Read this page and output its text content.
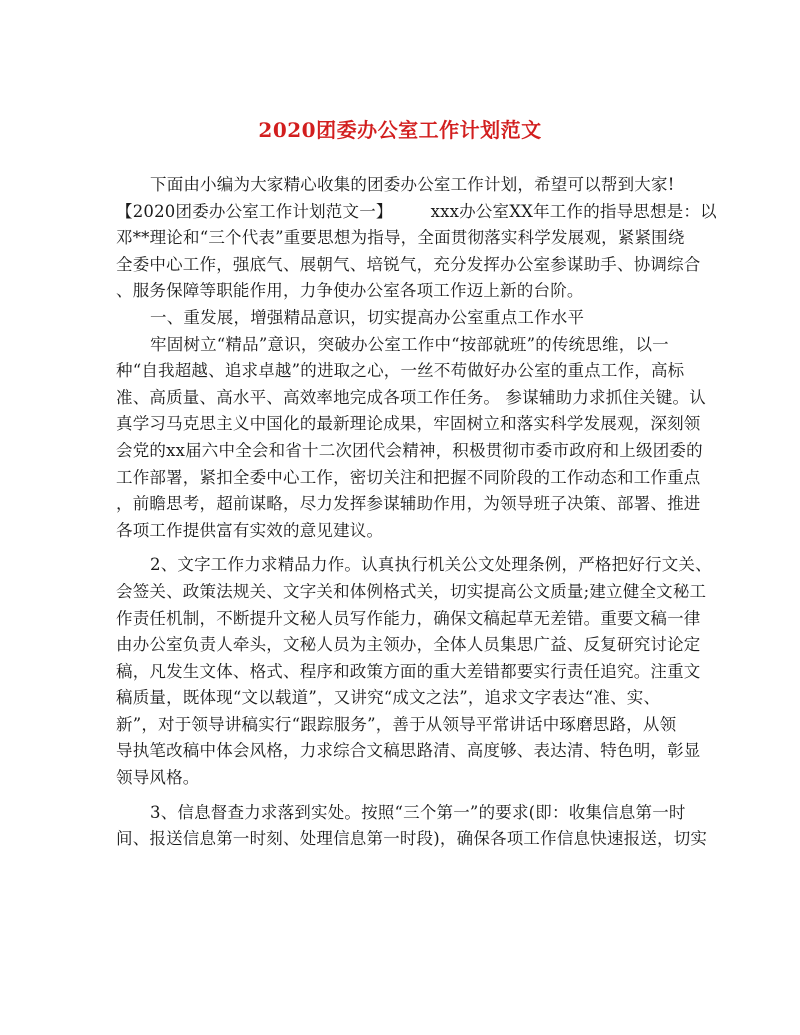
2020团委办公室工作计划范文
下面由小编为大家精心收集的团委办公室工作计划，希望可以帮到大家!
【2020团委办公室工作计划范文一】 xxx办公室XX年工作的指导思想是：以
邓**理论和“三个代表”重要思想为指导，全面贯彻落实科学发展观，紧紧围绕
全委中心工作，强底气、展朝气、培锐气，充分发挥办公室参谋助手、协调综合
、服务保障等职能作用，力争使办公室各项工作迈上新的台阶。
一、重发展，增强精品意识，切实提高办公室重点工作水平
牢固树立“精品”意识，突破办公室工作中“按部就班”的传统思维，以一
种“自我超越、追求卓越”的进取之心，一丝不苟做好办公室的重点工作，高标
准、高质量、高水平、高效率地完成各项工作任务。 参谋辅助力求抓住关键。认
真学习马克思主义中国化的最新理论成果，牢固树立和落实科学发展观，深刻领
会党的xx届六中全会和省十二次团代会精神，积极贯彻市委市政府和上级团委的
工作部署，紧扣全委中心工作，密切关注和把握不同阶段的工作动态和工作重点
，前瞻思考，超前谋略，尽力发挥参谋辅助作用，为领导班子决策、部署、推进
各项工作提供富有实效的意见建议。
2、文字工作力求精品力作。认真执行机关公文处理条例，严格把好行文关、
会签关、政策法规关、文字关和体例格式关，切实提高公文质量;建立健全文秘工
作责任机制，不断提升文秘人员写作能力，确保文稿起草无差错。重要文稿一律
由办公室负责人牵头，文秘人员为主领办，全体人员集思广益、反复研究讨论定
稿，凡发生文体、格式、程序和政策方面的重大差错都要实行责任追究。注重文
稿质量，既体现“文以载道”，又讲究“成文之法”，追求文字表达“准、实、
新”，对于领导讲稿实行“跟踪服务”，善于从领导平常讲话中琢磨思路，从领
导执笔改稿中体会风格，力求综合文稿思路清、高度够、表达清、特色明，彰显
领导风格。
3、信息督查力求落到实处。按照“三个第一”的要求(即：收集信息第一时
间、报送信息第一时刻、处理信息第一时段)，确保各项工作信息快速报送，切实
